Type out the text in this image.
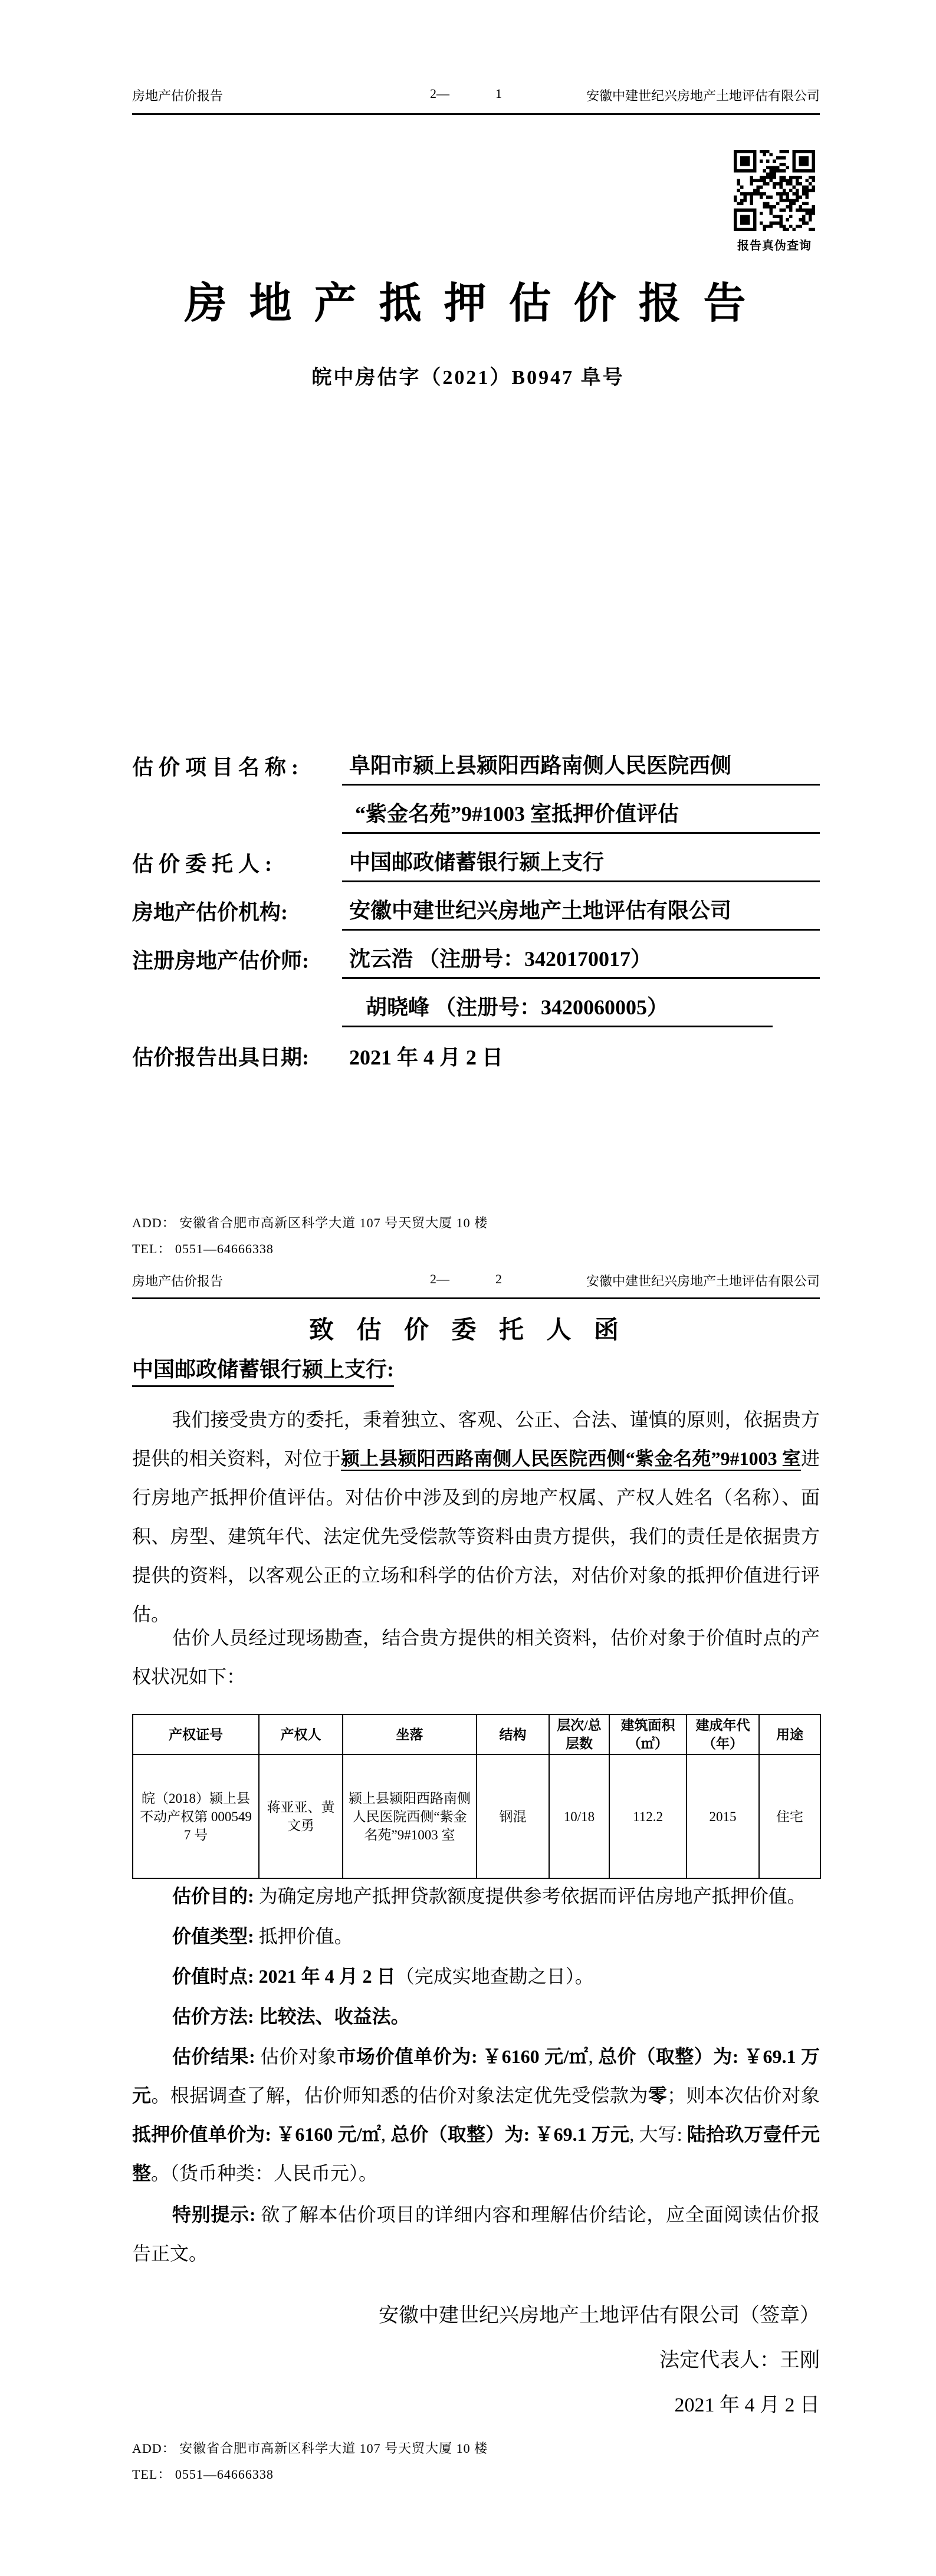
房地产估价报告	2—	1	安徽中建世纪兴房地产土地评估有限公司
报告真伪查询
房 地 产 抵 押 估 价 报 告
皖中房估字（2021）B0947 阜号
估 价 项 目 名 称 :	阜阳市颍上县颍阳西路南侧人民医院西侧
“紫金名苑”9#1003 室抵押价值评估
估 价 委 托 人 :	中国邮政储蓄银行颍上支行
房地产估价机构:	安徽中建世纪兴房地产土地评估有限公司
注册房地产估价师:	沈云浩 （注册号：3420170017）
胡晓峰 （注册号：3420060005）
估价报告出具日期:	2021 年 4 月 2 日
ADD： 安徽省合肥市高新区科学大道 107 号天贸大厦 10 楼
TEL： 0551—64666338
房地产估价报告	2—	2	安徽中建世纪兴房地产土地评估有限公司
致 估 价 委 托 人 函
中国邮政储蓄银行颍上支行:

我们接受贵方的委托，秉着独立、客观、公正、合法、谨慎的原则，依据贵方提供的相关资料，对位于颍上县颍阳西路南侧人民医院西侧“紫金名苑”9#1003 室进行房地产抵押价值评估。对估价中涉及到的房地产权属、产权人姓名（名称）、面积、房型、建筑年代、法定优先受偿款等资料由贵方提供，我们的责任是依据贵方提供的资料，以客观公正的立场和科学的估价方法，对估价对象的抵押价值进行评估。

估价人员经过现场勘查，结合贵方提供的相关资料，估价对象于价值时点的产权状况如下：

产权证号	产权人	坐落	结构	层次/总层数	建筑面积（㎡）	建成年代（年）	用途
皖（2018）颍上县不动产权第 0005497 号	蒋亚亚、黄文勇	颍上县颍阳西路南侧人民医院西侧“紫金名苑”9#1003 室	钢混	10/18	112.2	2015	住宅

估价目的: 为确定房地产抵押贷款额度提供参考依据而评估房地产抵押价值。

价值类型: 抵押价值。

价值时点: 2021 年 4 月 2 日（完成实地查勘之日）。

估价方法: 比较法、收益法。

估价结果: 估价对象市场价值单价为: ￥6160 元/㎡, 总价（取整）为: ￥69.1 万元。根据调查了解，估价师知悉的估价对象法定优先受偿款为零；则本次估价对象抵押价值单价为: ￥6160 元/㎡, 总价（取整）为: ￥69.1 万元, 大写: 陆拾玖万壹仟元整。（货币种类：人民币元）。

特别提示: 欲了解本估价项目的详细内容和理解估价结论，应全面阅读估价报告正文。

安徽中建世纪兴房地产土地评估有限公司（签章）
法定代表人：王刚
2021 年 4 月 2 日
ADD： 安徽省合肥市高新区科学大道 107 号天贸大厦 10 楼
TEL： 0551—64666338
